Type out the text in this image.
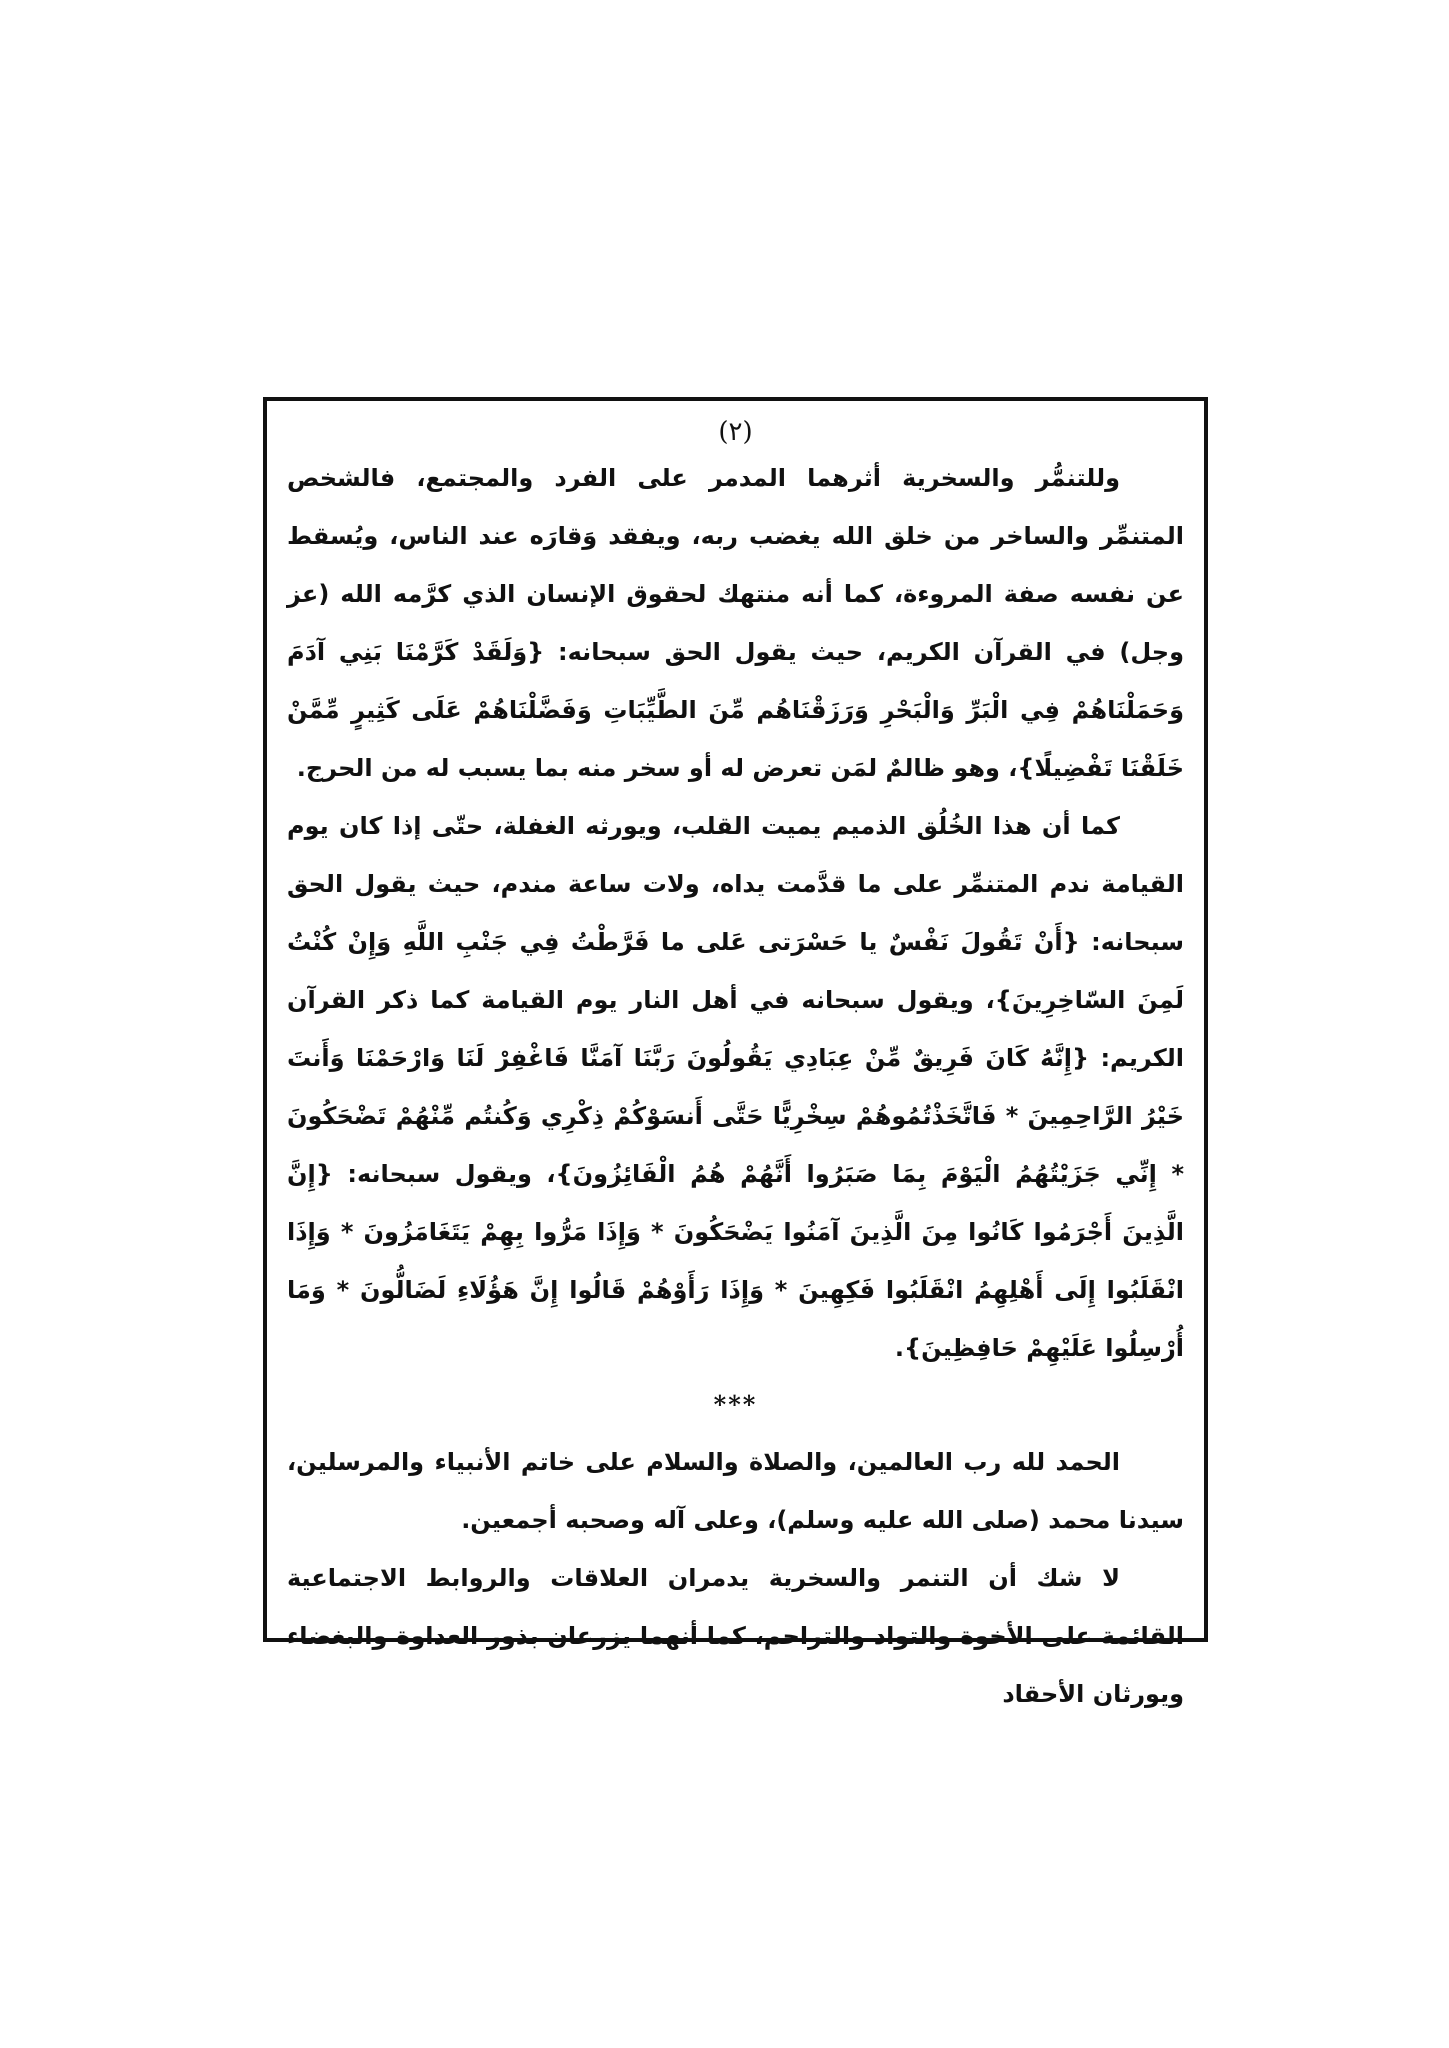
(٢)

وللتنمُّر والسخرية أثرهما المدمر على الفرد والمجتمع، فالشخص المتنمِّر والساخر من خلق الله يغضب ربه، ويفقد وَقارَه عند الناس، ويُسقط عن نفسه صفة المروءة، كما أنه منتهك لحقوق الإنسان الذي كرَّمه الله (عز وجل) في القرآن الكريم، حيث يقول الحق سبحانه: {وَلَقَدْ كَرَّمْنَا بَنِي آدَمَ وَحَمَلْنَاهُمْ فِي الْبَرِّ وَالْبَحْرِ وَرَزَقْنَاهُم مِّنَ الطَّيِّبَاتِ وَفَضَّلْنَاهُمْ عَلَى كَثِيرٍ مِّمَّنْ خَلَقْنَا تَفْضِيلًا}، وهو ظالمٌ لمَن تعرض له أو سخر منه بما يسبب له من الحرج.

كما أن هذا الخُلُق الذميم يميت القلب، ويورثه الغفلة، حتّى إذا كان يوم القيامة ندم المتنمِّر على ما قدَّمت يداه، ولات ساعة مندم، حيث يقول الحق سبحانه: {أَنْ تَقُولَ نَفْسٌ يا حَسْرَتى عَلى ما فَرَّطْتُ فِي جَنْبِ اللَّهِ وَإِنْ كُنْتُ لَمِنَ السّاخِرِينَ}، ويقول سبحانه في أهل النار يوم القيامة كما ذكر القرآن الكريم: {إِنَّهُ كَانَ فَرِيقٌ مِّنْ عِبَادِي يَقُولُونَ رَبَّنَا آمَنَّا فَاغْفِرْ لَنَا وَارْحَمْنَا وَأَنتَ خَيْرُ الرَّاحِمِينَ * فَاتَّخَذْتُمُوهُمْ سِخْرِيًّا حَتَّى أَنسَوْكُمْ ذِكْرِي وَكُنتُم مِّنْهُمْ تَضْحَكُونَ * إِنِّي جَزَيْتُهُمُ الْيَوْمَ بِمَا صَبَرُوا أَنَّهُمْ هُمُ الْفَائِزُونَ}، ويقول سبحانه: {إِنَّ الَّذِينَ أَجْرَمُوا كَانُوا مِنَ الَّذِينَ آمَنُوا يَضْحَكُونَ * وَإِذَا مَرُّوا بِهِمْ يَتَغَامَزُونَ * وَإِذَا انْقَلَبُوا إِلَى أَهْلِهِمُ انْقَلَبُوا فَكِهِينَ * وَإِذَا رَأَوْهُمْ قَالُوا إِنَّ هَؤُلَاءِ لَضَالُّونَ * وَمَا أُرْسِلُوا عَلَيْهِمْ حَافِظِينَ}.

***

الحمد لله رب العالمين، والصلاة والسلام على خاتم الأنبياء والمرسلين، سيدنا محمد (صلى الله عليه وسلم)، وعلى آله وصحبه أجمعين.

لا شك أن التنمر والسخرية يدمران العلاقات والروابط الاجتماعية القائمة على الأخوة والتواد والتراحم، كما أنهما يزرعان بذور العداوة والبغضاء ويورثان الأحقاد
